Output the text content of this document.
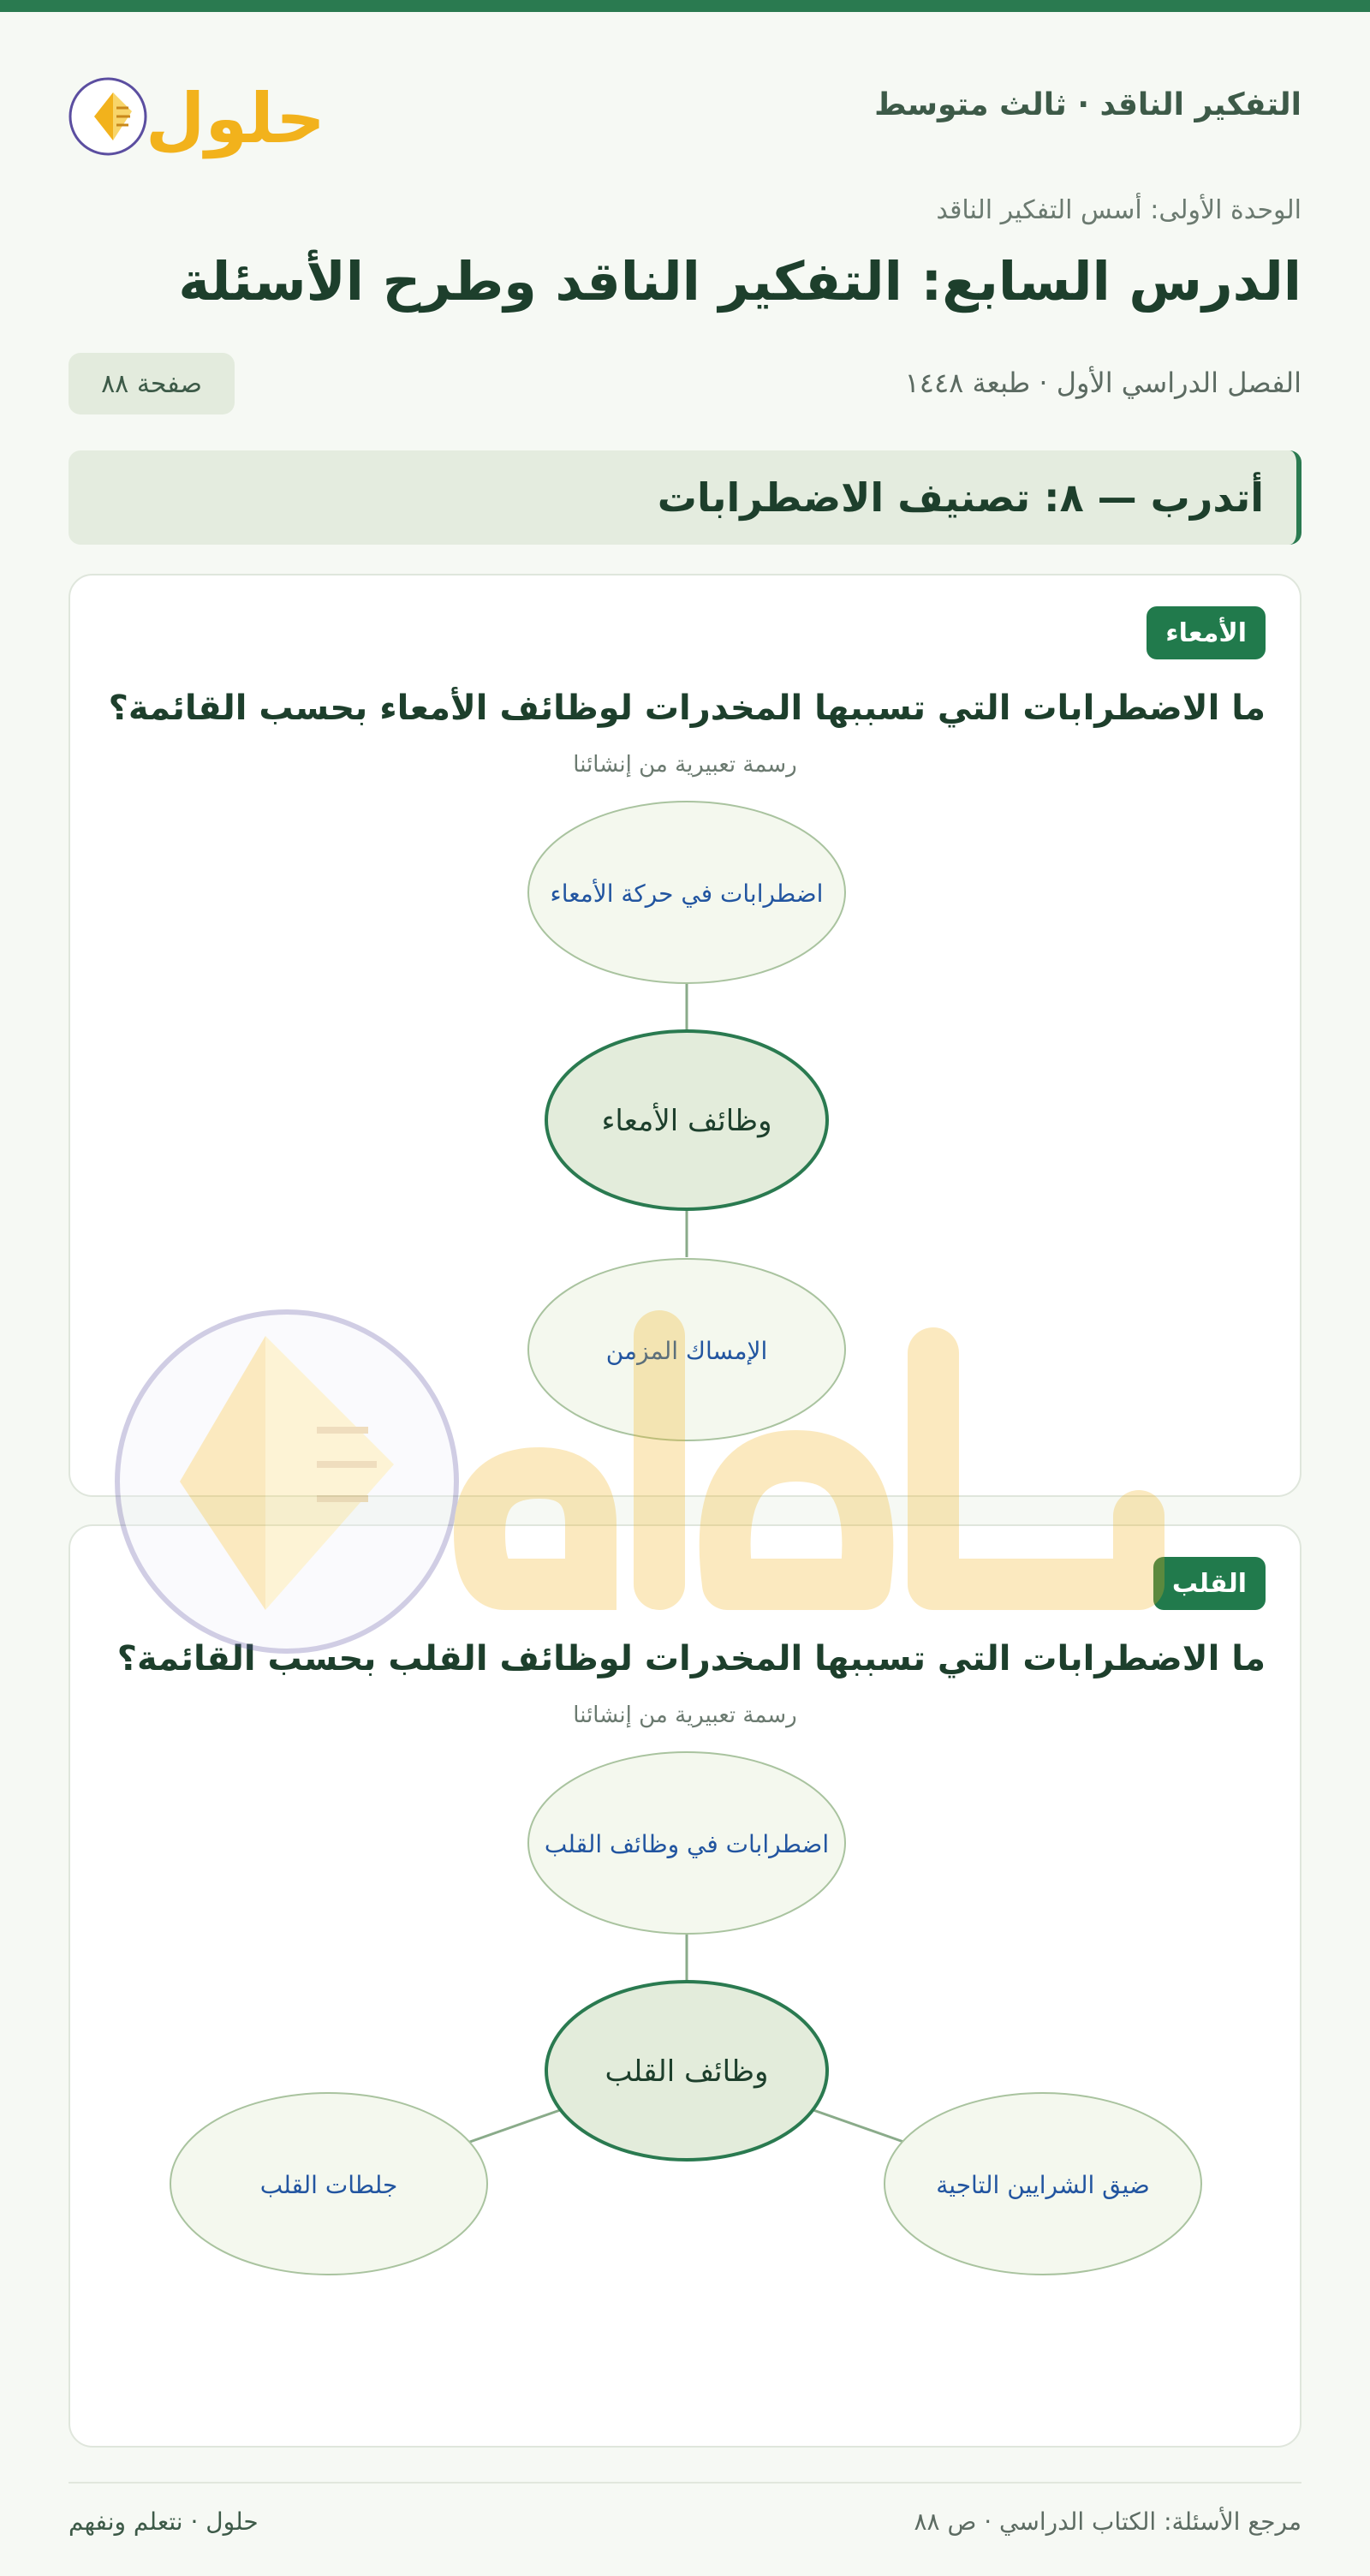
حلول	التفكير الناقد · ثالث متوسط
الوحدة الأولى: أسس التفكير الناقد
الدرس السابع: التفكير الناقد وطرح الأسئلة
الفصل الدراسي الأول · طبعة ١٤٤٨
صفحة ٨٨
أتدرب — ٨: تصنيف الاضطرابات
الأمعاء
ما الاضطرابات التي تسببها المخدرات لوظائف الأمعاء بحسب القائمة؟
رسمة تعبيرية من إنشائنا
اضطرابات في حركة الأمعاء
وظائف الأمعاء
الإمساك المزمن
القلب
ما الاضطرابات التي تسببها المخدرات لوظائف القلب بحسب القائمة؟
رسمة تعبيرية من إنشائنا
اضطرابات في وظائف القلب
وظائف القلب
ضيق الشرايين التاجية
جلطات القلب
مرجع الأسئلة: الكتاب الدراسي · ص ٨٨
حلول · نتعلم ونفهم
